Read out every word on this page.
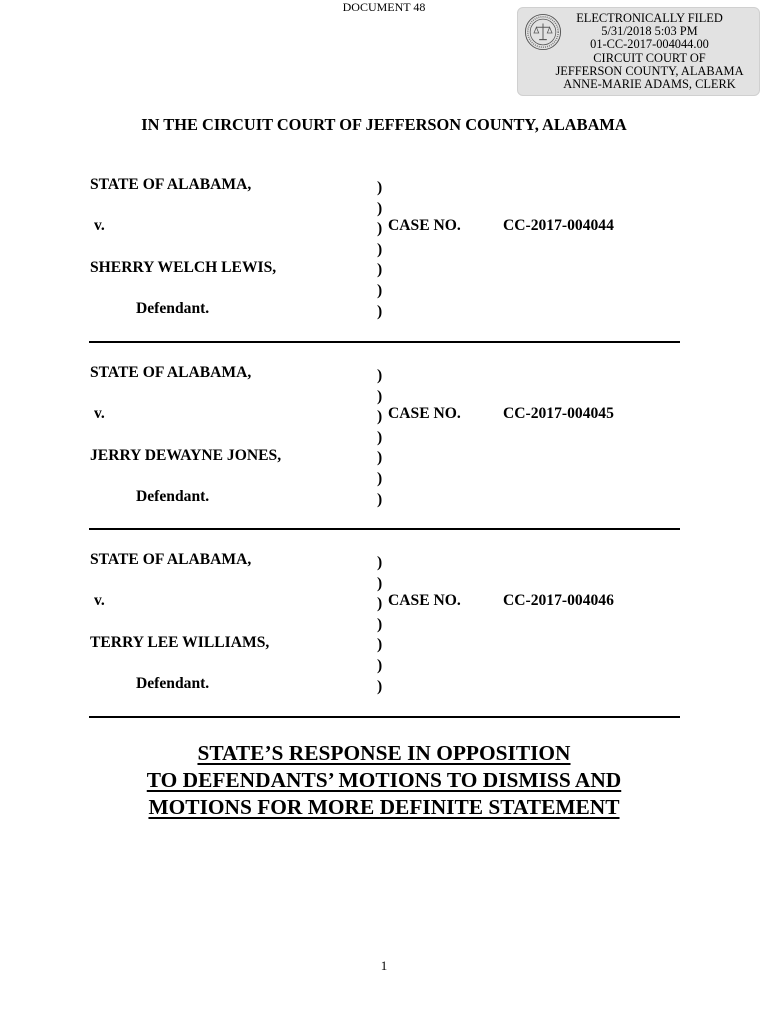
DOCUMENT 48
ELECTRONICALLY FILED
5/31/2018 5:03 PM
01-CC-2017-004044.00
CIRCUIT COURT OF
JEFFERSON COUNTY, ALABAMA
ANNE-MARIE ADAMS, CLERK
IN THE CIRCUIT COURT OF JEFFERSON COUNTY, ALABAMA
STATE OF ALABAMA,
v.
SHERRY WELCH LEWIS,
Defendant.
)
)
)
)
)
)
)
CASE NO.	CC-2017-004044
STATE OF ALABAMA,
v.
JERRY DEWAYNE JONES,
Defendant.
)
)
)
)
)
)
)
CASE NO.	CC-2017-004045
STATE OF ALABAMA,
v.
TERRY LEE WILLIAMS,
Defendant.
)
)
)
)
)
)
)
CASE NO.	CC-2017-004046
STATE’S RESPONSE IN OPPOSITION
TO DEFENDANTS’ MOTIONS TO DISMISS AND
MOTIONS FOR MORE DEFINITE STATEMENT
1
